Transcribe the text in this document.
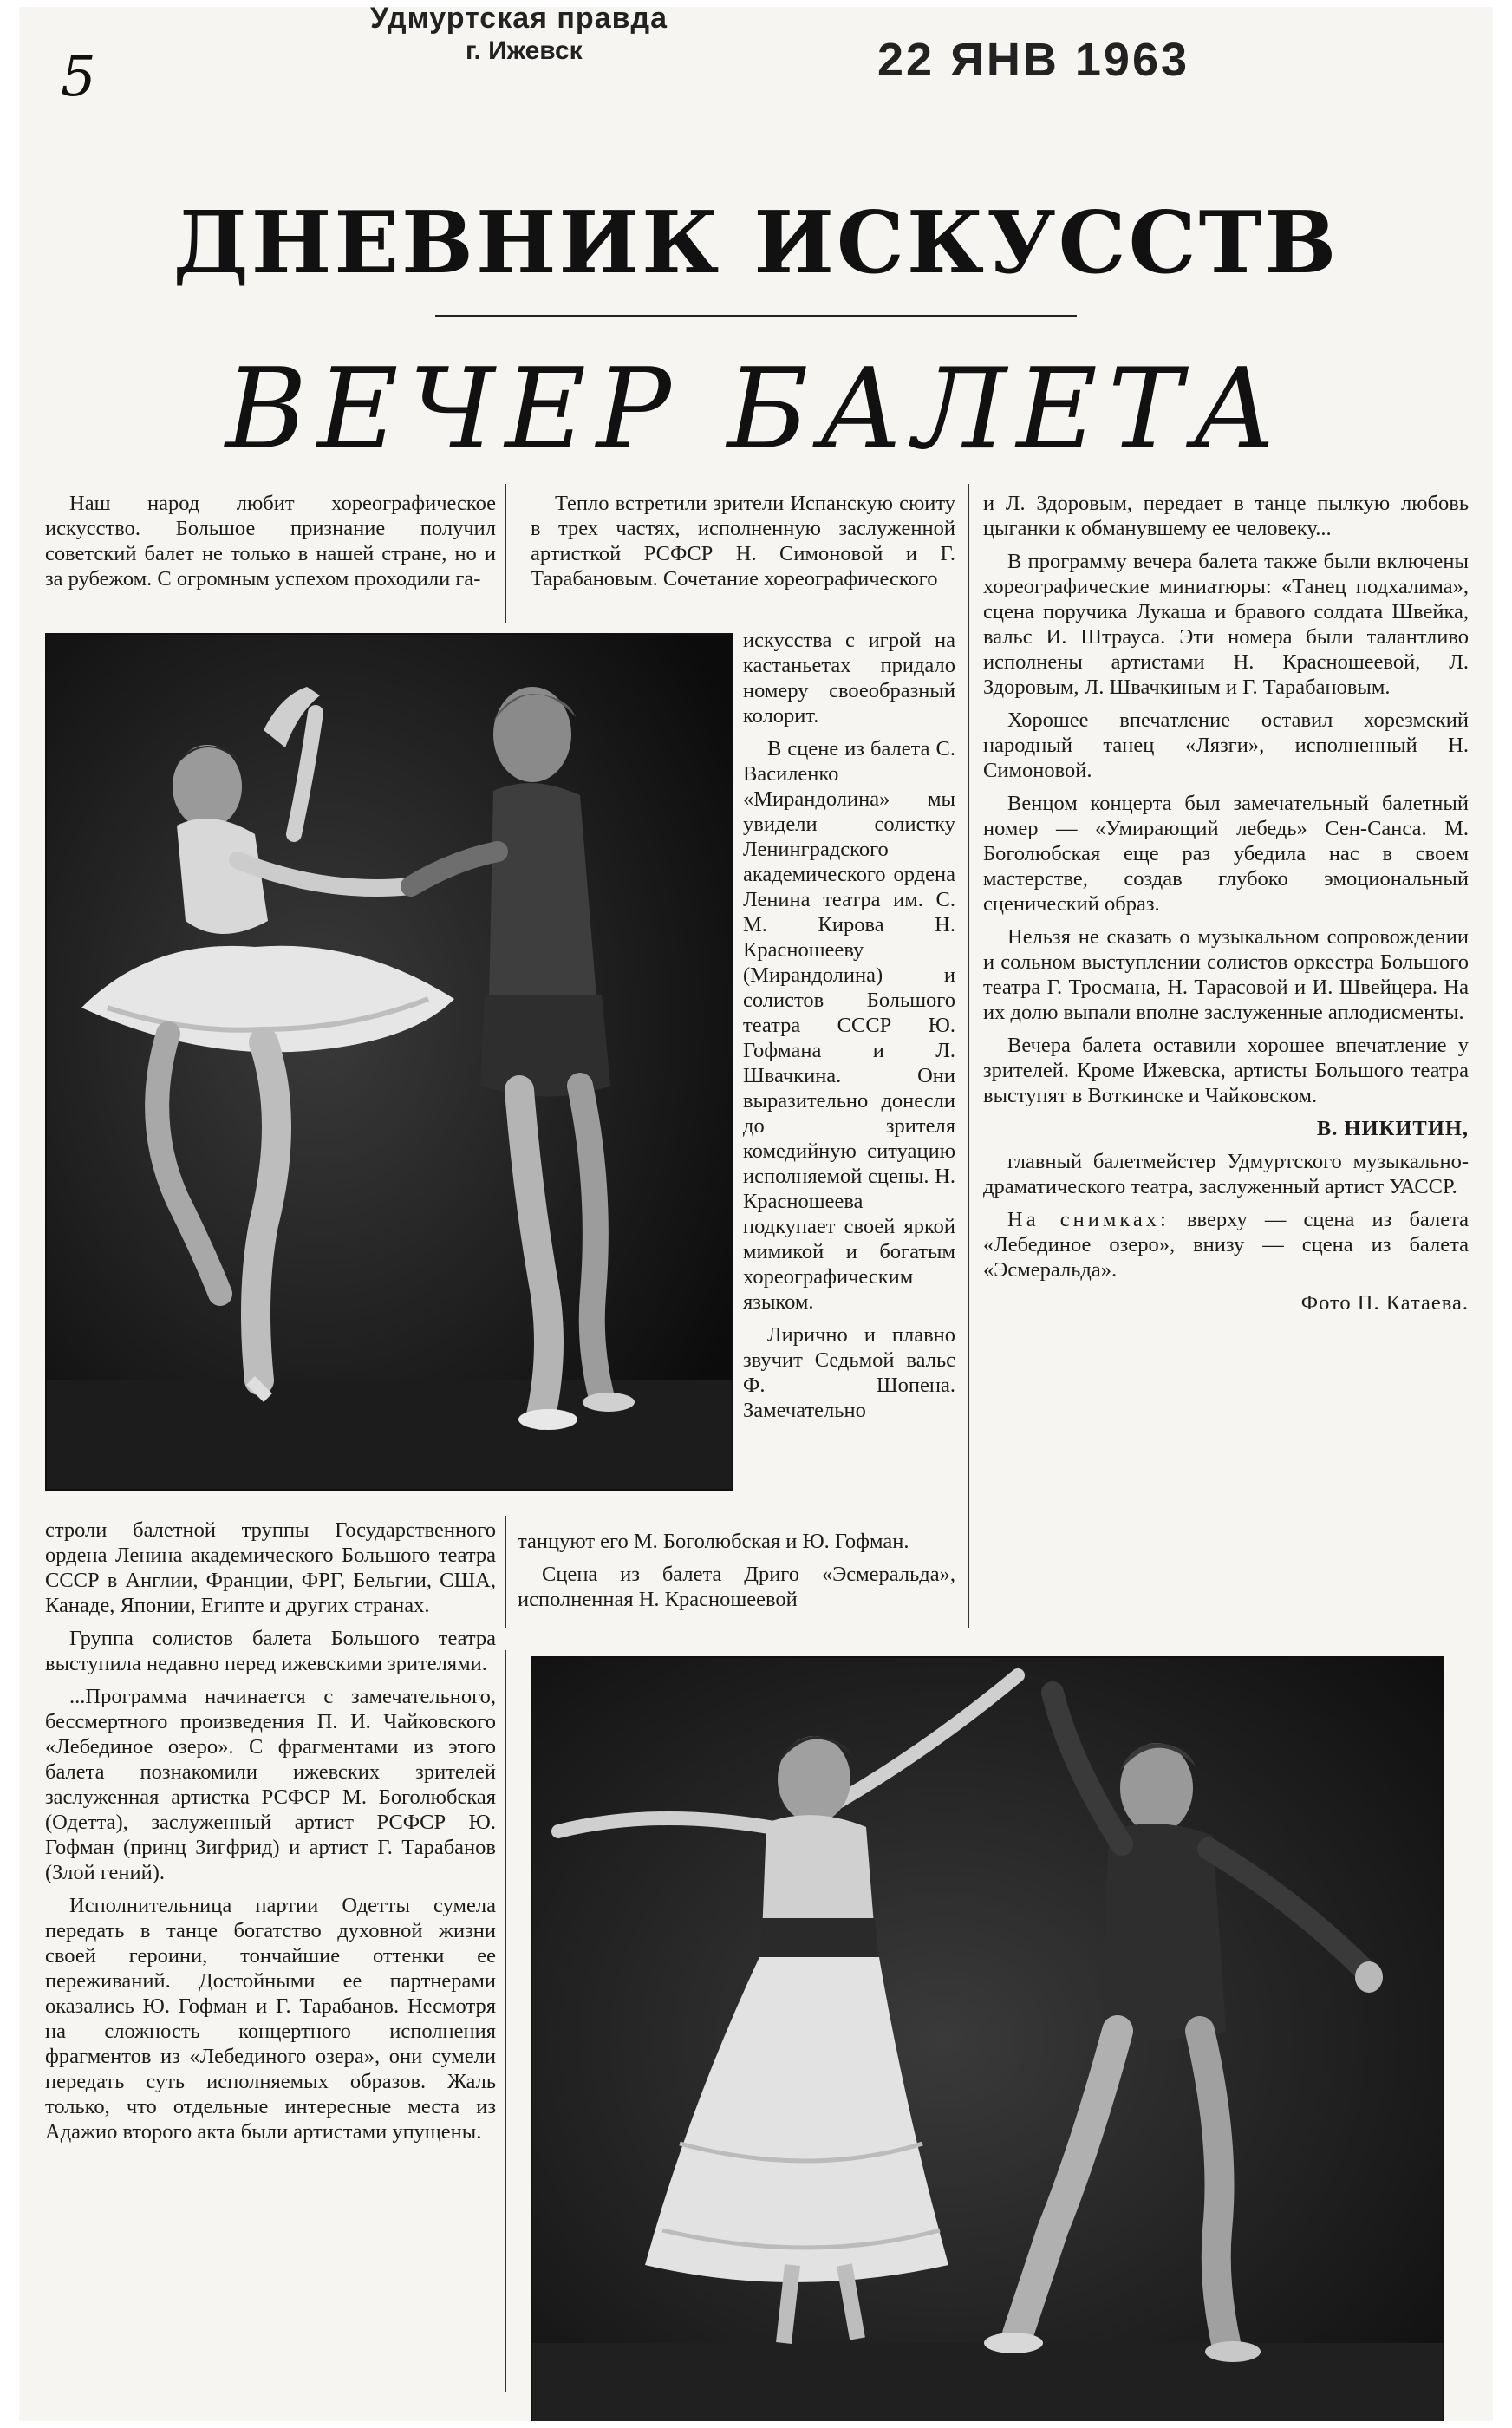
Удмуртская правда
г. Ижевск	22 ЯНВ 1963
5
ДНЕВНИК ИСКУССТВ
ВЕЧЕР БАЛЕТА

Наш народ любит хореографическое искусство. Большое признание получил советский балет не только в нашей стране, но и за рубежом. С огромным успехом проходили га-

Тепло встретили зрители Испанскую сюиту в трех частях, исполненную заслуженной артисткой РСФСР Н. Симоновой и Г. Тарабановым. Сочетание хореографического

искусства с игрой на кастаньетах придало номеру своеобразный колорит.

В сцене из балета С. Василенко «Мирандолина» мы увидели солистку Ленинградского академического ордена Ленина театра им. С. М. Кирова Н. Красношееву (Мирандолина) и солистов Большого театра СССР Ю. Гофмана и Л. Швачкина. Они выразительно донесли до зрителя комедийную ситуацию исполняемой сцены. Н. Красношеева подкупает своей яркой мимикой и богатым хореографическим языком.

Лирично и плавно звучит Седьмой вальс Ф. Шопена. Замечательно

и Л. Здоровым, передает в танце пылкую любовь цыганки к обманувшему ее человеку...

В программу вечера балета также были включены хореографические миниатюры: «Танец подхалима», сцена поручика Лукаша и бравого солдата Швейка, вальс И. Штрауса. Эти номера были талантливо исполнены артистами Н. Красношеевой, Л. Здоровым, Л. Швачкиным и Г. Тарабановым.

Хорошее впечатление оставил хорезмский народный танец «Лязги», исполненный Н. Симоновой.

Венцом концерта был замечательный балетный номер — «Умирающий лебедь» Сен-Санса. М. Боголюбская еще раз убедила нас в своем мастерстве, создав глубоко эмоциональный сценический образ.

Нельзя не сказать о музыкальном сопровождении и сольном выступлении солистов оркестра Большого театра Г. Тросмана, Н. Тарасовой и И. Швейцера. На их долю выпали вполне заслуженные аплодисменты.

Вечера балета оставили хорошее впечатление у зрителей. Кроме Ижевска, артисты Большого театра выступят в Воткинске и Чайковском.

В. НИКИТИН,

главный балетмейстер Удмуртского музыкально-драматического театра, заслуженный артист УАССР.

На снимках: вверху — сцена из балета «Лебединое озеро», внизу — сцена из балета «Эсмеральда».

Фото П. Катаева.

строли балетной труппы Государственного ордена Ленина академического Большого театра СССР в Англии, Франции, ФРГ, Бельгии, США, Канаде, Японии, Египте и других странах.

Группа солистов балета Большого театра выступила недавно перед ижевскими зрителями.

...Программа начинается с замечательного, бессмертного произведения П. И. Чайковского «Лебединое озеро». С фрагментами из этого балета познакомили ижевских зрителей заслуженная артистка РСФСР М. Боголюбская (Одетта), заслуженный артист РСФСР Ю. Гофман (принц Зигфрид) и артист Г. Тарабанов (Злой гений).

Исполнительница партии Одетты сумела передать в танце богатство духовной жизни своей героини, тончайшие оттенки ее переживаний. Достойными ее партнерами оказались Ю. Гофман и Г. Тарабанов. Несмотря на сложность концертного исполнения фрагментов из «Лебединого озера», они сумели передать суть исполняемых образов. Жаль только, что отдельные интересные места из Адажио второго акта были артистами упущены.

танцуют его М. Боголюбская и Ю. Гофман.

Сцена из балета Дриго «Эсмеральда», исполненная Н. Красношеевой
